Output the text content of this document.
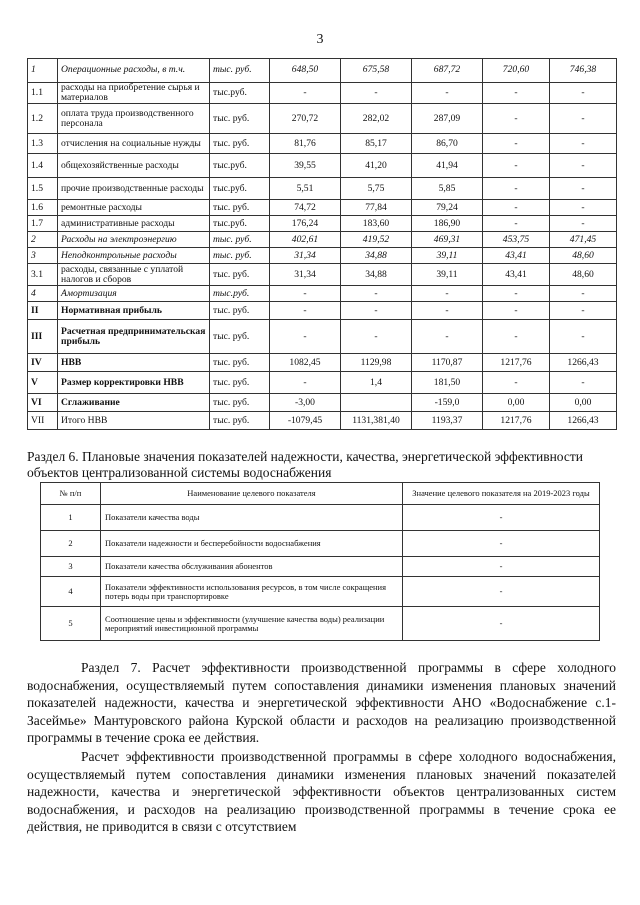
3
1	Операционные расходы, в т.ч.	тыс. руб.	648,50	675,58	687,72	720,60	746,38
1.1	расходы на приобретение сырья и материалов	тыс.руб.	-	-	-	-	-
1.2	оплата труда производственного персонала	тыс. руб.	270,72	282,02	287,09	-	-
1.3	отчисления на социальные нужды	тыс. руб.	81,76	85,17	86,70	-	-
1.4	общехозяйственные расходы	тыс.руб.	39,55	41,20	41,94	-	-
1.5	прочие производственные расходы	тыс.руб.	5,51	5,75	5,85	-	-
1.6	ремонтные расходы	тыс. руб.	74,72	77,84	79,24	-	-
1.7	административные расходы	тыс.руб.	176,24	183,60	186,90	-	-
2	Расходы на электроэнергию	тыс. руб.	402,61	419,52	469,31	453,75	471,45
3	Неподконтрольные расходы	тыс. руб.	31,34	34,88	39,11	43,41	48,60
3.1	расходы, связанные с уплатой налогов и сборов	тыс. руб.	31,34	34,88	39,11	43,41	48,60
4	Амортизация	тыс.руб.	-	-	-	-	-
II	Нормативная прибыль	тыс. руб.	-	-	-	-	-
III	Расчетная предпринимательская прибыль	тыс. руб.	-	-	-	-	-
IV	НВВ	тыс. руб.	1082,45	1129,98	1170,87	1217,76	1266,43
V	Размер корректировки НВВ	тыс. руб.	-	1,4	181,50	-	-
VI	Сглаживание	тыс. руб.	-3,00		-159,0	0,00	0,00
VII	Итого НВВ	тыс. руб.	-1079,45	1131,381,40	1193,37	1217,76	1266,43
Раздел 6. Плановые значения показателей надежности, качества, энергетической эффективности объектов централизованной системы водоснабжения
№ п/п	Наименование целевого показателя	Значение целевого показателя на 2019-2023 годы
1	Показатели качества воды	-
2	Показатели надежности и бесперебойности водоснабжения	-
3	Показатели качества обслуживания абонентов	-
4	Показатели эффективности использования ресурсов, в том числе сокращения потерь воды при транспортировке	-
5	Соотношение цены и эффективности (улучшение качества воды) реализации мероприятий инвестиционной программы	-

Раздел 7. Расчет эффективности производственной программы в сфере холодного водоснабжения, осуществляемый путем сопоставления динамики изменения плановых значений показателей надежности, качества и энергетической эффективности АНО «Водоснабжение с.1-Засеймье» Мантуровского района Курской области и расходов на реализацию производственной программы в течение срока ее действия.

Расчет эффективности производственной программы в сфере холодного водоснабжения, осуществляемый путем сопоставления динамики изменения плановых значений показателей надежности, качества и энергетической эффективности объектов централизованных систем водоснабжения, и расходов на реализацию производственной программы в течение срока ее действия, не приводится в связи с отсутствием
